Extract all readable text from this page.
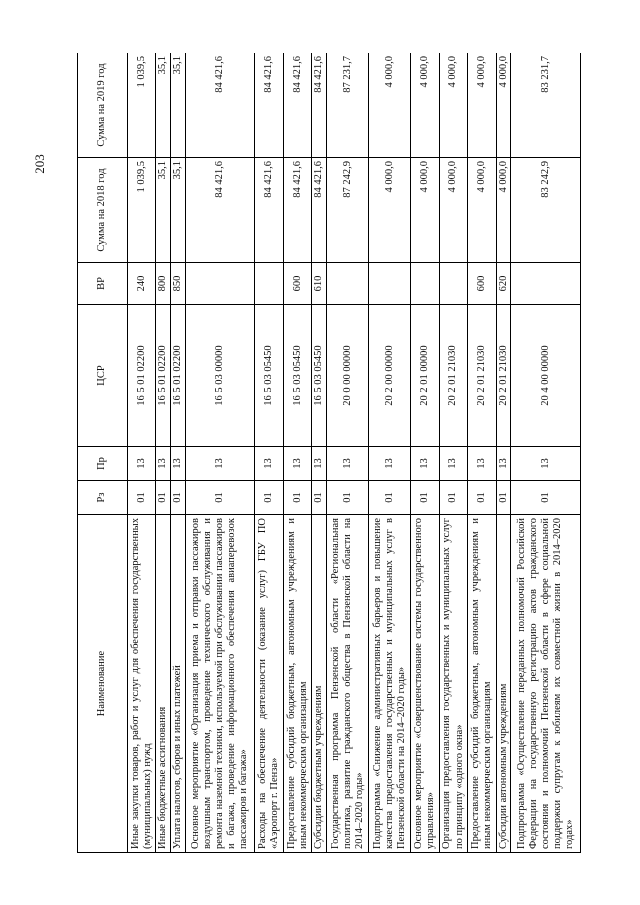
203
Наименование	Рз	Пр	ЦСР	ВР	Сумма на 2018 год	Сумма на 2019 год
Иные закупки товаров, работ и услуг для обеспечения государственных (муниципальных) нужд	01	13	16 5 01 02200	240	1 039,5	1 039,5
Иные бюджетные ассигнования	01	13	16 5 01 02200	800	35,1	35,1
Уплата налогов, сборов и иных платежей	01	13	16 5 01 02200	850	35,1	35,1
Основное мероприятие «Организация приема и отправки пассажиров воздушным транспортом, проведение технического обслуживания и ремонта наземной техники, используемой при обслуживании пассажиров и багажа, проведение информационного обеспечения авиаперевозок пассажиров и багажа»	01	13	16 5 03 00000		84 421,6	84 421,6
Расходы на обеспечение деятельности (оказание услуг) ГБУ ПО «Аэропорт г. Пенза»	01	13	16 5 03 05450		84 421,6	84 421,6
Предоставление субсидий бюджетным, автономным учреждениям и иным некоммерческим организациям	01	13	16 5 03 05450	600	84 421,6	84 421,6
Субсидии бюджетным учреждениям	01	13	16 5 03 05450	610	84 421,6	84 421,6
Государственная программа Пензенской области «Региональная политика, развитие гражданского общества в Пензенской области на 2014–2020 годы»	01	13	20 0 00 00000		87 242,9	87 231,7
Подпрограмма «Снижение административных барьеров и повышение качества предоставления государственных и муниципальных услуг в Пензенской области на 2014–2020 годы»	01	13	20 2 00 00000		4 000,0	4 000,0
Основное мероприятие «Совершенствование системы государственного управления»	01	13	20 2 01 00000		4 000,0	4 000,0
Организация предоставления государственных и муниципальных услуг по принципу «одного окна»	01	13	20 2 01 21030		4 000,0	4 000,0
Предоставление субсидий бюджетным, автономным учреждениям и иным некоммерческим организациям	01	13	20 2 01 21030	600	4 000,0	4 000,0
Субсидии автономным учреждениям	01	13	20 2 01 21030	620	4 000,0	4 000,0
Подпрограмма «Осуществление переданных полномочий Российской Федерации на государственную регистрацию актов гражданского состояния и полномочий Пензенской области в сфере социальной поддержки супругам к юбилеям их совместной жизни в 2014–2020 годах»	01	13	20 4 00 00000		83 242,9	83 231,7
